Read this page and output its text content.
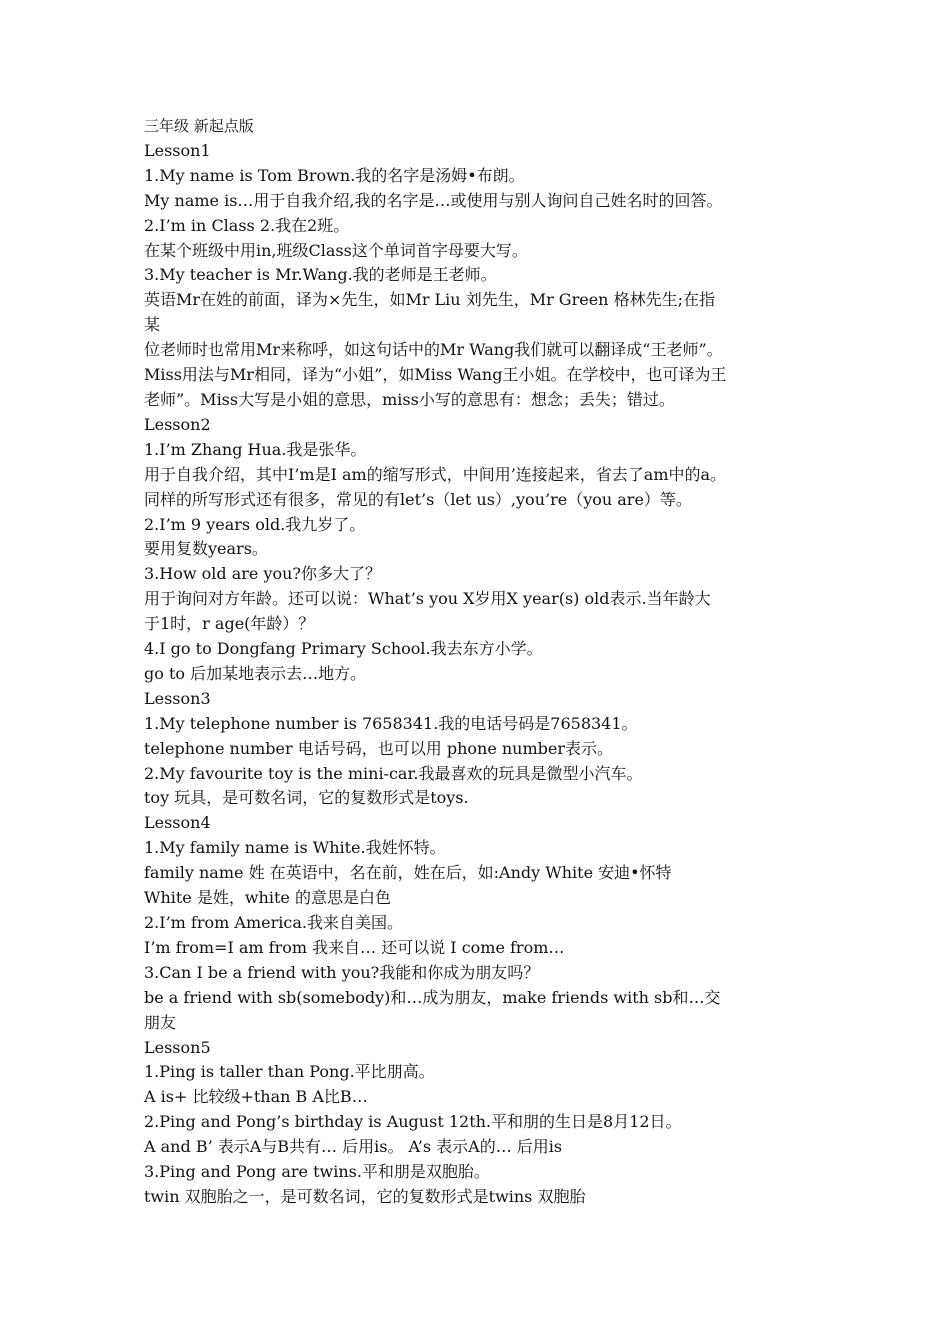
三年级 新起点版

Lesson1

1.My name is Tom Brown.我的名字是汤姆•布朗。

My name is…用于自我介绍,我的名字是…或使用与别人询问自己姓名时的回答。

2.I’m in Class 2.我在2班。

在某个班级中用in,班级Class这个单词首字母要大写。

3.My teacher is Mr.Wang.我的老师是王老师。

英语Mr在姓的前面，译为×先生，如Mr Liu 刘先生，Mr Green 格林先生;在指

某

位老师时也常用Mr来称呼，如这句话中的Mr Wang我们就可以翻译成“王老师”。

Miss用法与Mr相同，译为“小姐”，如Miss Wang王小姐。在学校中，也可译为王

老师”。Miss大写是小姐的意思，miss小写的意思有：想念；丢失；错过。

Lesson2

1.I’m Zhang Hua.我是张华。

用于自我介绍，其中I’m是I am的缩写形式，中间用’连接起来，省去了am中的a。

同样的所写形式还有很多，常见的有let’s（let us）,you’re（you are）等。

2.I’m 9 years old.我九岁了。

要用复数years。

3.How old are you?你多大了？

用于询问对方年龄。还可以说：What’s you X岁用X year(s) old表示.当年龄大

于1时，r age(年龄）？

4.I go to Dongfang Primary School.我去东方小学。

go to 后加某地表示去…地方。

Lesson3

1.My telephone number is 7658341.我的电话号码是7658341。

telephone number 电话号码，也可以用 phone number表示。

2.My favourite toy is the mini-car.我最喜欢的玩具是微型小汽车。

toy 玩具，是可数名词，它的复数形式是toys.

Lesson4

1.My family name is White.我姓怀特。

family name 姓 在英语中，名在前，姓在后，如:Andy White 安迪•怀特

White 是姓，white 的意思是白色

2.I’m from America.我来自美国。

I’m from=I am from 我来自… 还可以说 I come from…

3.Can I be a friend with you?我能和你成为朋友吗？

be a friend with sb(somebody)和…成为朋友，make friends with sb和…交

朋友

Lesson5

1.Ping is taller than Pong.平比朋高。

A is+ 比较级+than B A比B…

2.Ping and Pong’s birthday is August 12th.平和朋的生日是8月12日。

A and B’ 表示A与B共有… 后用is。 A’s 表示A的… 后用is

3.Ping and Pong are twins.平和朋是双胞胎。

twin 双胞胎之一，是可数名词，它的复数形式是twins 双胞胎
